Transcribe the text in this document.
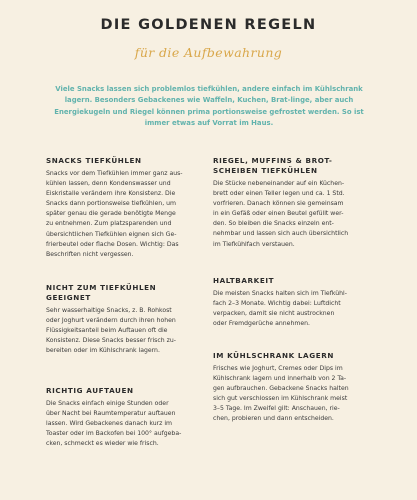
DIE GOLDENEN REGELN
für die Aufbewahrung

Viele Snacks lassen sich problemlos tiefkühlen, andere einfach im Kühlschrank lagern. Besonders Gebackenes wie Waffeln, Kuchen, Brat-linge, aber auch Energiekugeln und Riegel können prima portionsweise gefrostet werden. So ist immer etwas auf Vorrat im Haus.

SNACKS TIEFKÜHLEN

Snacks vor dem Tiefkühlen immer ganz aus-
kühlen lassen, denn Kondenswasser und
Eiskristalle verändern ihre Konsistenz. Die
Snacks dann portionsweise tiefkühlen, um
später genau die gerade benötigte Menge
zu entnehmen. Zum platzsparenden und
übersichtlichen Tiefkühlen eignen sich Ge-
frierbeutel oder flache Dosen. Wichtig: Das
Beschriften nicht vergessen.

NICHT ZUM TIEFKÜHLEN
GEEIGNET

Sehr wasserhaltige Snacks, z. B. Rohkost
oder Joghurt verändern durch ihren hohen
Flüssigkeitsanteil beim Auftauen oft die
Konsistenz. Diese Snacks besser frisch zu-
bereiten oder im Kühlschrank lagern.

RICHTIG AUFTAUEN

Die Snacks einfach einige Stunden oder
über Nacht bei Raumtemperatur auftauen
lassen. Wird Gebackenes danach kurz im
Toaster oder im Backofen bei 100° aufgeba-
cken, schmeckt es wieder wie frisch.

RIEGEL, MUFFINS & BROT-
SCHEIBEN TIEFKÜHLEN

Die Stücke nebeneinander auf ein Küchen-
brett oder einen Teller legen und ca. 1 Std.
vorfrieren. Danach können sie gemeinsam
in ein Gefäß oder einen Beutel gefüllt wer-
den. So bleiben die Snacks einzeln ent-
nehmbar und lassen sich auch übersichtlich
im Tiefkühlfach verstauen.

HALTBARKEIT

Die meisten Snacks halten sich im Tiefkühl-
fach 2–3 Monate. Wichtig dabei: Luftdicht
verpacken, damit sie nicht austrocknen
oder Fremdgerüche annehmen.

IM KÜHLSCHRANK LAGERN

Frisches wie Joghurt, Cremes oder Dips im
Kühlschrank lagern und innerhalb von 2 Ta-
gen aufbrauchen. Gebackene Snacks halten
sich gut verschlossen im Kühlschrank meist
3–5 Tage. Im Zweifel gilt: Anschauen, rie-
chen, probieren und dann entscheiden.
